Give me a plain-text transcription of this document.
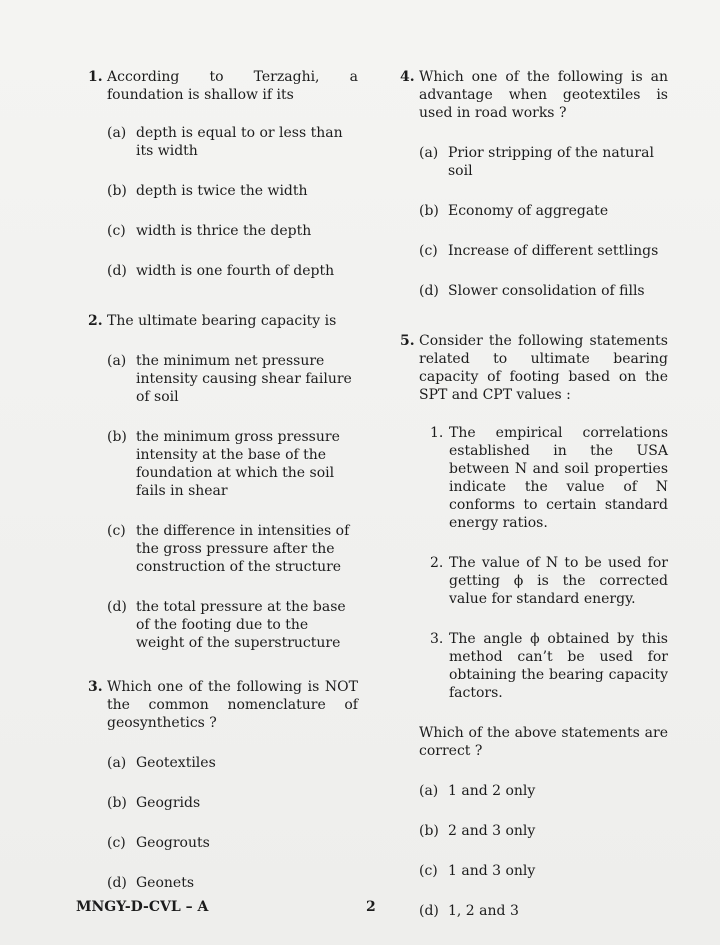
1. According to Terzaghi, a foundation is shallow if its
(a) depth is equal to or less than its width
(b) depth is twice the width
(c) width is thrice the depth
(d) width is one fourth of depth
2. The ultimate bearing capacity is
(a) the minimum net pressure intensity causing shear failure of soil
(b) the minimum gross pressure intensity at the base of the foundation at which the soil fails in shear
(c) the difference in intensities of the gross pressure after the construction of the structure
(d) the total pressure at the base of the footing due to the weight of the superstructure
3. Which one of the following is NOT the common nomenclature of geosynthetics ?
(a) Geotextiles
(b) Geogrids
(c) Geogrouts
(d) Geonets
4. Which one of the following is an advantage when geotextiles is used in road works ?
(a) Prior stripping of the natural soil
(b) Economy of aggregate
(c) Increase of different settlings
(d) Slower consolidation of fills
5. Consider the following statements related to ultimate bearing capacity of footing based on the SPT and CPT values :
1. The empirical correlations established in the USA between N and soil properties indicate the value of N conforms to certain standard energy ratios.
2. The value of N to be used for getting ϕ is the corrected value for standard energy.
3. The angle ϕ obtained by this method can’t be used for obtaining the bearing capacity factors.
Which of the above statements are correct ?
(a) 1 and 2 only
(b) 2 and 3 only
(c) 1 and 3 only
(d) 1, 2 and 3
MNGY-D-CVL – A	2
